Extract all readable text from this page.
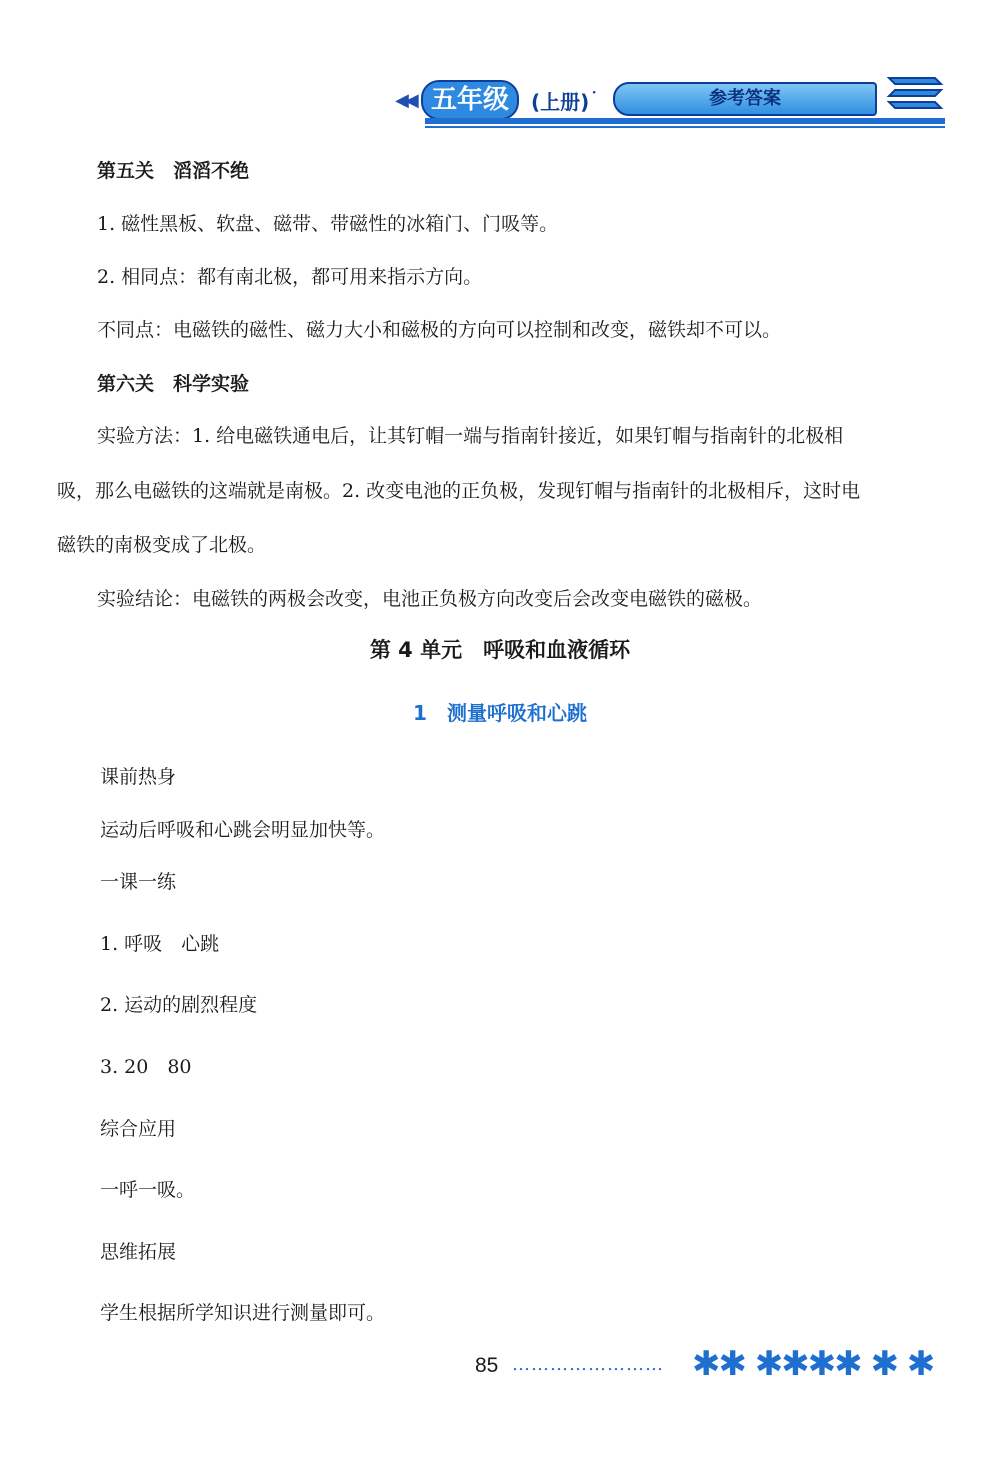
◀◀ 五年级	(上册) ·	参考答案
第五关　滔滔不绝
1. 磁性黑板、软盘、磁带、带磁性的冰箱门、门吸等。
2. 相同点：都有南北极，都可用来指示方向。
不同点：电磁铁的磁性、磁力大小和磁极的方向可以控制和改变，磁铁却不可以。
第六关　科学实验
实验方法：1. 给电磁铁通电后，让其钉帽一端与指南针接近，如果钉帽与指南针的北极相
吸，那么电磁铁的这端就是南极。2. 改变电池的正负极，发现钉帽与指南针的北极相斥，这时电
磁铁的南极变成了北极。
实验结论：电磁铁的两极会改变，电池正负极方向改变后会改变电磁铁的磁极。
第 4 单元　呼吸和血液循环
1　测量呼吸和心跳
课前热身
运动后呼吸和心跳会明显加快等。
一课一练
1. 呼吸　心跳
2. 运动的剧烈程度
3. 20　80
综合应用
一呼一吸。
思维拓展
学生根据所学知识进行测量即可。
85 …………………… ✱✱ ✱✱✱✱ ✱ ✱
